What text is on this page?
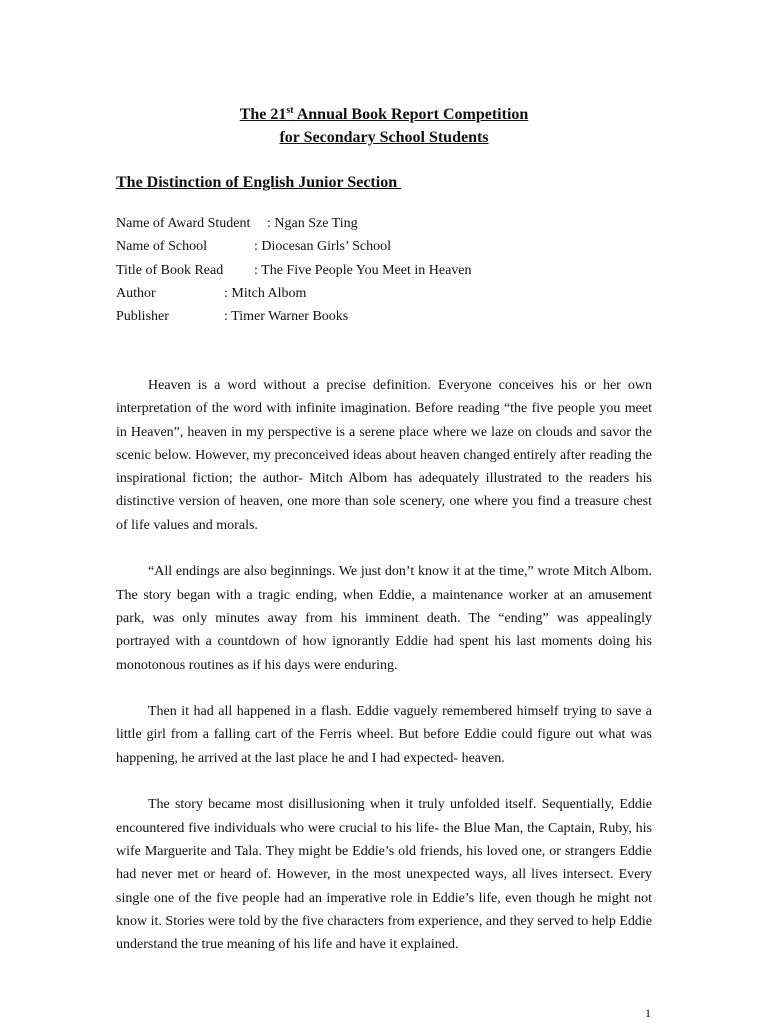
The 21st Annual Book Report Competition
for Secondary School Students
The Distinction of English Junior Section
Name of Award Student : Ngan Sze Ting
Name of School	: Diocesan Girls’ School
Title of Book Read : The Five People You Meet in Heaven
Author	: Mitch Albom
Publisher	: Timer Warner Books

Heaven is a word without a precise definition. Everyone conceives his or her own interpretation of the word with infinite imagination. Before reading “the five people you meet in Heaven”, heaven in my perspective is a serene place where we laze on clouds and savor the scenic below. However, my preconceived ideas about heaven changed entirely after reading the inspirational fiction; the author- Mitch Albom has adequately illustrated to the readers his distinctive version of heaven, one more than sole scenery, one where you find a treasure chest of life values and morals.

“All endings are also beginnings. We just don’t know it at the time,” wrote Mitch Albom. The story began with a tragic ending, when Eddie, a maintenance worker at an amusement park, was only minutes away from his imminent death. The “ending” was appealingly portrayed with a countdown of how ignorantly Eddie had spent his last moments doing his monotonous routines as if his days were enduring.

Then it had all happened in a flash. Eddie vaguely remembered himself trying to save a little girl from a falling cart of the Ferris wheel. But before Eddie could figure out what was happening, he arrived at the last place he and I had expected- heaven.

The story became most disillusioning when it truly unfolded itself. Sequentially, Eddie encountered five individuals who were crucial to his life- the Blue Man, the Captain, Ruby, his wife Marguerite and Tala. They might be Eddie’s old friends, his loved one, or strangers Eddie had never met or heard of. However, in the most unexpected ways, all lives intersect. Every single one of the five people had an imperative role in Eddie’s life, even though he might not know it. Stories were told by the five characters from experience, and they served to help Eddie understand the true meaning of his life and have it explained.

1
